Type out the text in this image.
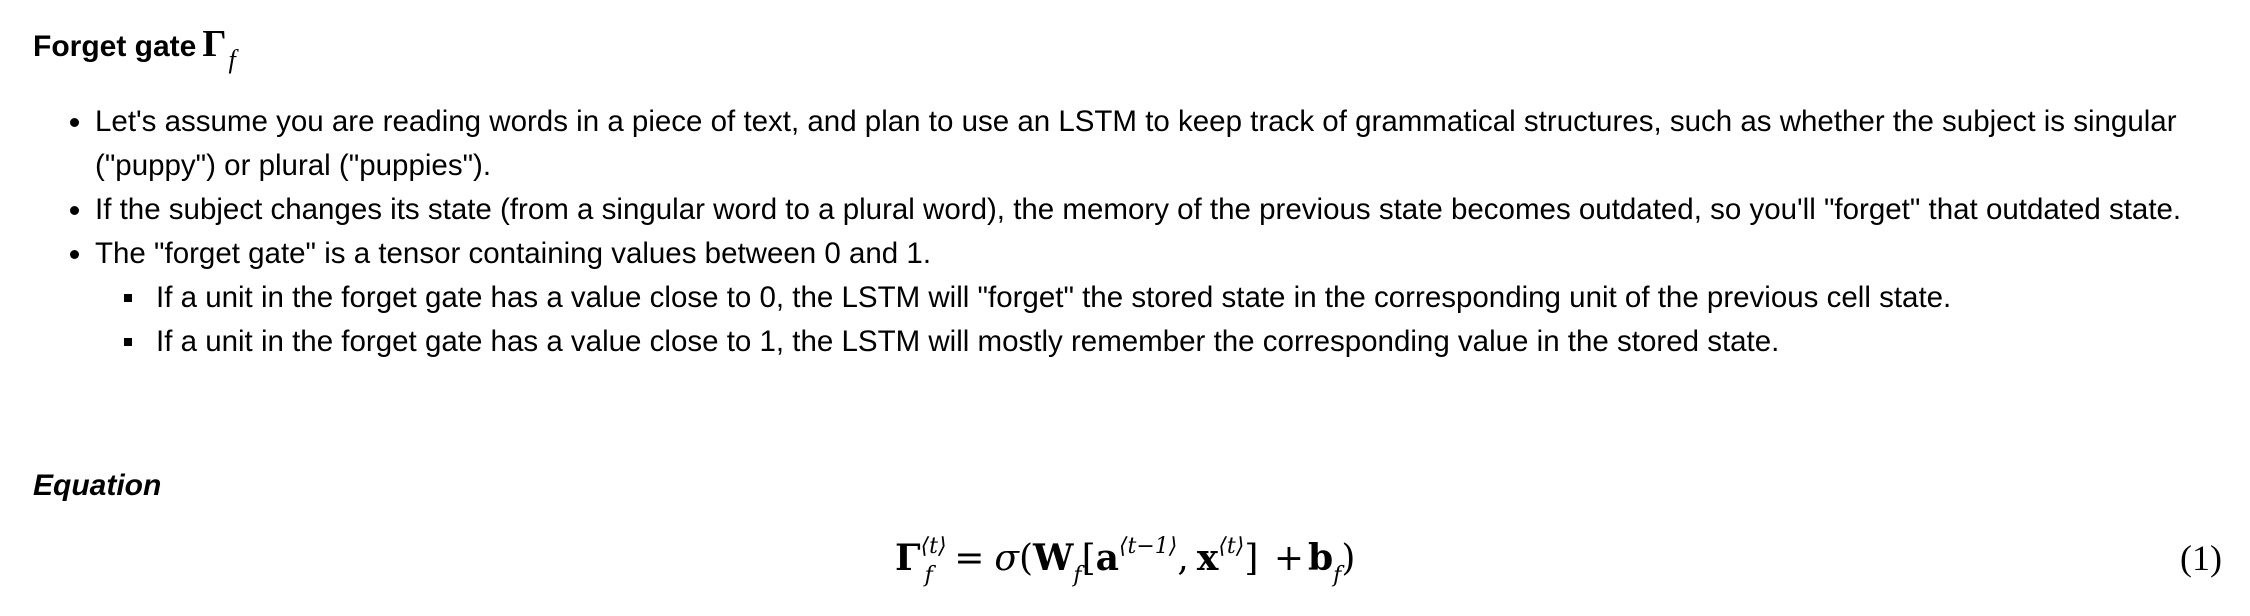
Forget gate Γf
Let's assume you are reading words in a piece of text, and plan to use an LSTM to keep track of grammatical structures, such as whether the subject is singular ("puppy") or plural ("puppies").
If the subject changes its state (from a singular word to a plural word), the memory of the previous state becomes outdated, so you'll "forget" that outdated state.
The "forget gate" is a tensor containing values between 0 and 1.
If a unit in the forget gate has a value close to 0, the LSTM will "forget" the stored state in the corresponding unit of the previous cell state.
If a unit in the forget gate has a value close to 1, the LSTM will mostly remember the corresponding value in the stored state.
Equation
$\Gamma^{⟨t⟩}_f = \sigma(W_f[a^{⟨t-1⟩}$, $x^{⟨t⟩}] + b_f$)	(1)
